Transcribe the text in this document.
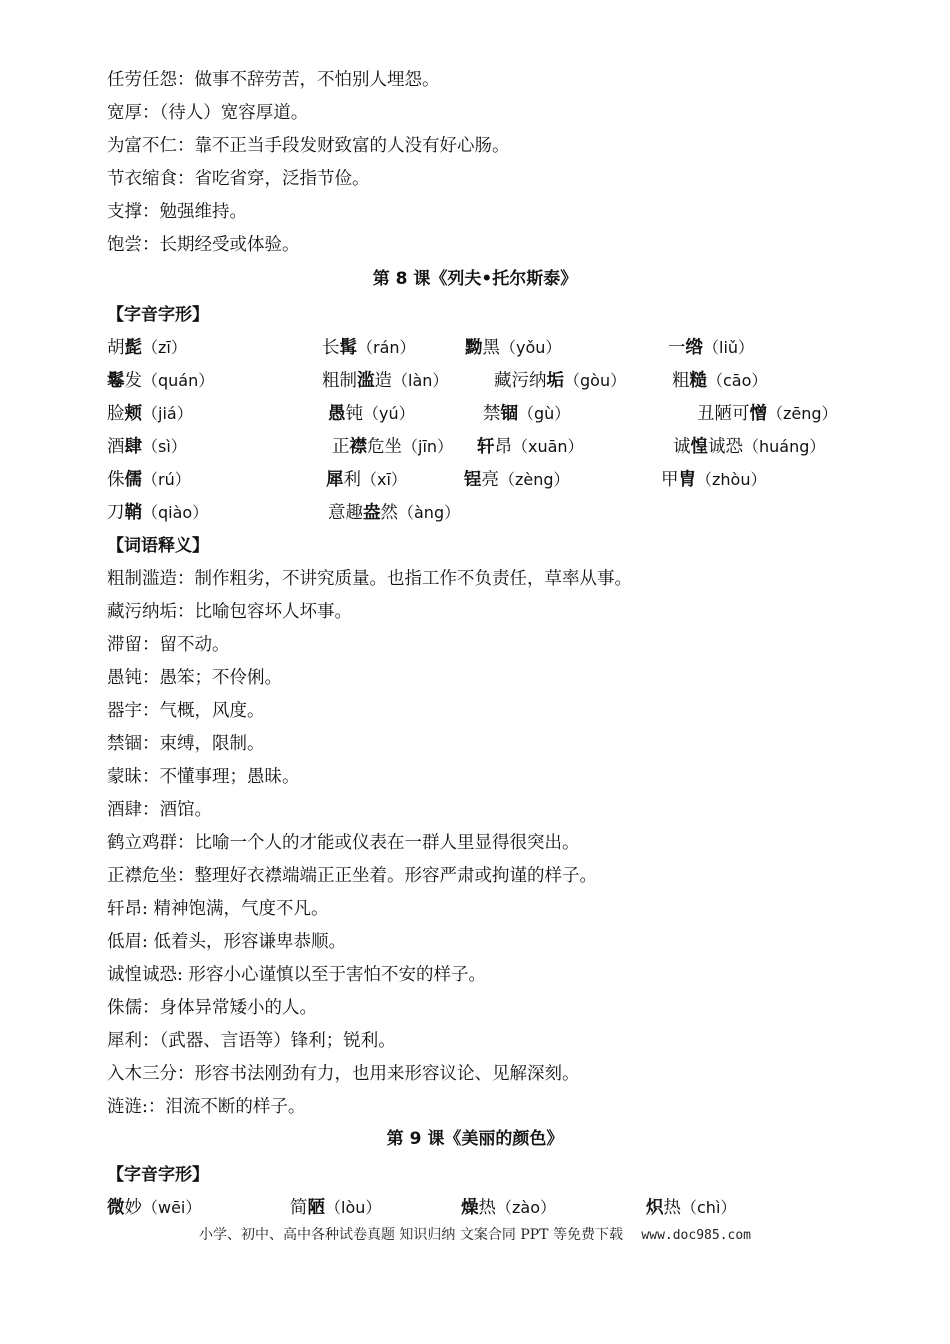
任劳任怨：做事不辞劳苦，不怕别人埋怨。
宽厚：（待人）宽容厚道。
为富不仁：靠不正当手段发财致富的人没有好心肠。
节衣缩食：省吃省穿，泛指节俭。
支撑：勉强维持。
饱尝：长期经受或体验。
第 8 课《列夫•托尔斯泰》
【字音字形】
胡髭（zī）	长髯（rán）	黝黑（yǒu）	一绺（liǔ）
鬈发（quán）	粗制滥造（làn）	藏污纳垢（gòu）	粗糙（cāo）
脸颊（jiá）	愚钝（yú）	禁锢（gù）	丑陋可憎（zēng）
酒肆（sì）	正襟危坐（jīn） 轩昂（xuān）	诚惶诚恐（huáng）
侏儒（rú）	犀利（xī）	锃亮（zèng）	甲胄（zhòu）
刀鞘（qiào）	意趣盎然（àng）
【词语释义】
粗制滥造：制作粗劣，不讲究质量。也指工作不负责任，草率从事。
藏污纳垢：比喻包容坏人坏事。
滞留：留不动。
愚钝：愚笨；不伶俐。
器宇：气概，风度。
禁锢：束缚，限制。
蒙昧：不懂事理；愚昧。
酒肆：酒馆。
鹤立鸡群：比喻一个人的才能或仪表在一群人里显得很突出。
正襟危坐：整理好衣襟端端正正坐着。形容严肃或拘谨的样子。
轩昂: 精神饱满，气度不凡。
低眉: 低着头，形容谦卑恭顺。
诚惶诚恐: 形容小心谨慎以至于害怕不安的样子。
侏儒：身体异常矮小的人。
犀利：（武器、言语等）锋利；锐利。
入木三分：形容书法刚劲有力，也用来形容议论、见解深刻。
涟涟:：泪流不断的样子。
第 9 课《美丽的颜色》
【字音字形】
微妙（wēi）	简陋（lòu）	燥热（zào）	炽热（chì）
小学、初中、高中各种试卷真题 知识归纳 文案合同 PPT 等免费下载 www.doc985.com
